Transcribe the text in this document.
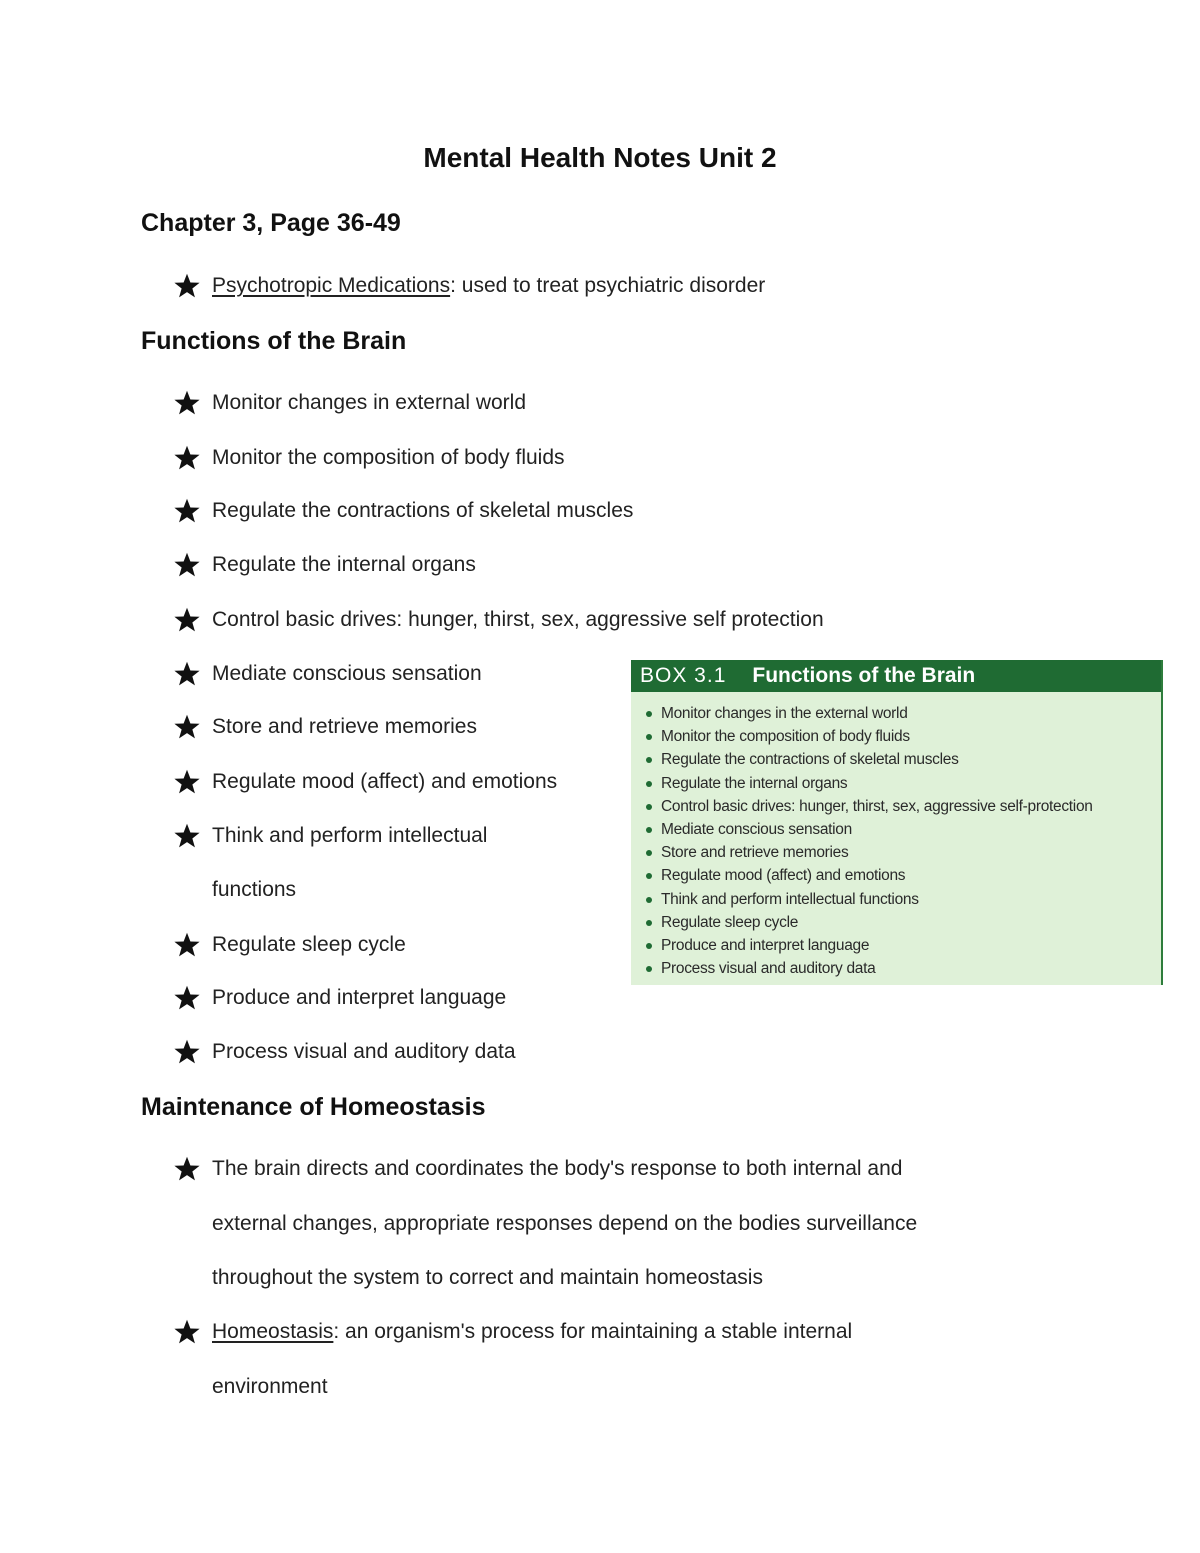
Mental Health Notes Unit 2
Chapter 3, Page 36-49
Psychotropic Medications: used to treat psychiatric disorder
Functions of the Brain
Monitor changes in external world
Monitor the composition of body fluids
Regulate the contractions of skeletal muscles
Regulate the internal organs
Control basic drives: hunger, thirst, sex, aggressive self protection
Mediate conscious sensation
Store and retrieve memories
Regulate mood (affect) and emotions
Think and perform intellectual
functions
Regulate sleep cycle
Produce and interpret language
Process visual and auditory data
Maintenance of Homeostasis
The brain directs and coordinates the body's response to both internal and
external changes, appropriate responses depend on the bodies surveillance
throughout the system to correct and maintain homeostasis
Homeostasis: an organism's process for maintaining a stable internal
environment
BOX 3.1 Functions of the Brain
Monitor changes in the external world
Monitor the composition of body fluids
Regulate the contractions of skeletal muscles
Regulate the internal organs
Control basic drives: hunger, thirst, sex, aggressive self-protection
Mediate conscious sensation
Store and retrieve memories
Regulate mood (affect) and emotions
Think and perform intellectual functions
Regulate sleep cycle
Produce and interpret language
Process visual and auditory data
